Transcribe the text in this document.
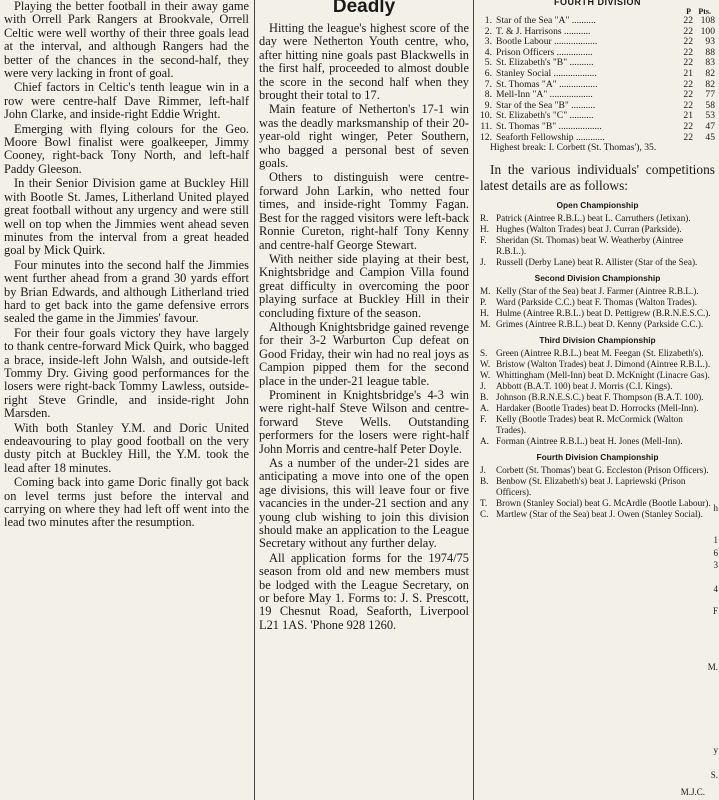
Playing the better football in their away game with Orrell Park Rangers at Brookvale, Orrell Celtic were well worthy of their three goals lead at the interval, and although Rangers had the better of the chances in the second-half, they were very lacking in front of goal.

Chief factors in Celtic's tenth league win in a row were centre-half Dave Rimmer, left-half John Clarke, and inside-right Eddie Wright.

Emerging with flying colours for the Geo. Moore Bowl finalist were goalkeeper, Jimmy Cooney, right-back Tony North, and left-half Paddy Gleeson.

In their Senior Division game at Buckley Hill with Bootle St. James, Litherland United played great football without any urgency and were still well on top when the Jimmies went ahead seven minutes from the interval from a great headed goal by Mick Quirk.

Four minutes into the second half the Jimmies went further ahead from a grand 30 yards effort by Brian Edwards, and although Litherland tried hard to get back into the game defensive errors sealed the game in the Jimmies' favour.

For their four goals victory they have largely to thank centre-forward Mick Quirk, who bagged a brace, inside-left John Walsh, and outside-left Tommy Dry. Giving good performances for the losers were right-back Tommy Lawless, outside-right Steve Grindle, and inside-right John Marsden.

With both Stanley Y.M. and Doric United endeavouring to play good football on the very dusty pitch at Buckley Hill, the Y.M. took the lead after 18 minutes.

Coming back into game Doric finally got back on level terms just before the interval and carrying on where they had left off went into the lead two minutes after the resumption.

Deadly

Hitting the league's highest score of the day were Netherton Youth centre, who, after hitting nine goals past Blackwells in the first half, proceeded to almost double the score in the second half when they brought their total to 17.

Main feature of Netherton's 17-1 win was the deadly marksmanship of their 20-year-old right winger, Peter Southern, who bagged a personal best of seven goals.

Others to distinguish were centre-forward John Larkin, who netted four times, and inside-right Tommy Fagan. Best for the ragged visitors were left-back Ronnie Cureton, right-half Tony Kenny and centre-half George Stewart.

With neither side playing at their best, Knightsbridge and Campion Villa found great difficulty in overcoming the poor playing surface at Buckley Hill in their concluding fixture of the season.

Although Knightsbridge gained revenge for their 3-2 Warburton Cup defeat on Good Friday, their win had no real joys as Campion pipped them for the second place in the under-21 league table.

Prominent in Knightsbridge's 4-3 win were right-half Steve Wilson and centre-forward Steve Wells. Outstanding performers for the losers were right-half John Morris and centre-half Peter Doyle.

As a number of the under-21 sides are anticipating a move into one of the open age divisions, this will leave four or five vacancies in the under-21 section and any young club wishing to join this division should make an application to the League Secretary without any further delay.

All application forms for the 1974/75 season from old and new members must be lodged with the League Secretary, on or before May 1. Forms to: J. S. Prescott, 19 Chesnut Road, Seaforth, Liverpool L21 1AS. 'Phone 928 1260.

FOURTH DIVISION
P Pts.
1.	Star of the Sea "A" ..........	22	108
2.	T. & J. Harrisons ...........	22	100
3.	Bootle Labour ..................	22	93
4.	Prison Officers ...............	22	88
5.	St. Elizabeth's "B" ..........	22	83
6.	Stanley Social ..................	21	82
7.	St. Thomas "A" ................	22	82
8.	Mell-Inn "A" ..................	22	77
9.	Star of the Sea "B" ..........	22	58
10.	St. Elizabeth's "C" ..........	21	53
11.	St. Thomas "B" ..................	22	47
12.	Seaforth Fellowship ............	22	45
Highest break: I. Corbett (St. Thomas'), 35.
In the various individuals' competitions latest details are as follows:
Open Championship
R. Patrick (Aintree R.B.L.) beat L. Carruthers (Jetixan).
H. Hughes (Walton Trades) beat J. Curran (Parkside).
F.	Sheridan (St. Thomas) beat W. Weatherby (Aintree R.B.L.).
J.	Russell (Derby Lane) beat R. Allister (Star of the Sea).
Second Division Championship
M. Kelly (Star of the Sea) beat J. Farmer (Aintree R.B.L.).
P.	Ward (Parkside C.C.) beat F. Thomas (Walton Trades).
H. Hulme (Aintree R.B.L.) beat D. Pettigrew (B.R.N.E.S.C.).
M. Grimes (Aintree R.B.L.) beat D. Kenny (Parkside C.C.).
Third Division Championship
S. Green (Aintree R.B.L.) beat M. Feegan (St. Elizabeth's).
W. Bristow (Walton Trades) beat J. Dimond (Aintree R.B.L.).
W. Whittingham (Mell-Inn) beat D. McKnight (Linacre Gas).
J.	Abbott (B.A.T. 100) beat J. Morris (C.I. Kings).
B. Johnson (B.R.N.E.S.C.) beat F. Thompson (B.A.T. 100).
A. Hardaker (Bootle Trades) beat D. Horrocks (Mell-Inn).
F.	Kelly (Bootle Trades) beat R. McCormick (Walton Trades).
A. Forman (Aintree R.B.L.) beat H. Jones (Mell-Inn).
Fourth Division Championship
J.	Corbett (St. Thomas') beat G. Eccleston (Prison Officers).
B. Benbow (St. Elizabeth's) beat J. Lapriewski (Prison Officers).
T. Brown (Stanley Social) beat G. McArdle (Bootle Labour).
C. Martlew (Star of the Sea) beat J. Owen (Stanley Social).
M.J.C.
h
1
6
3
4
F
M.
y
S.
